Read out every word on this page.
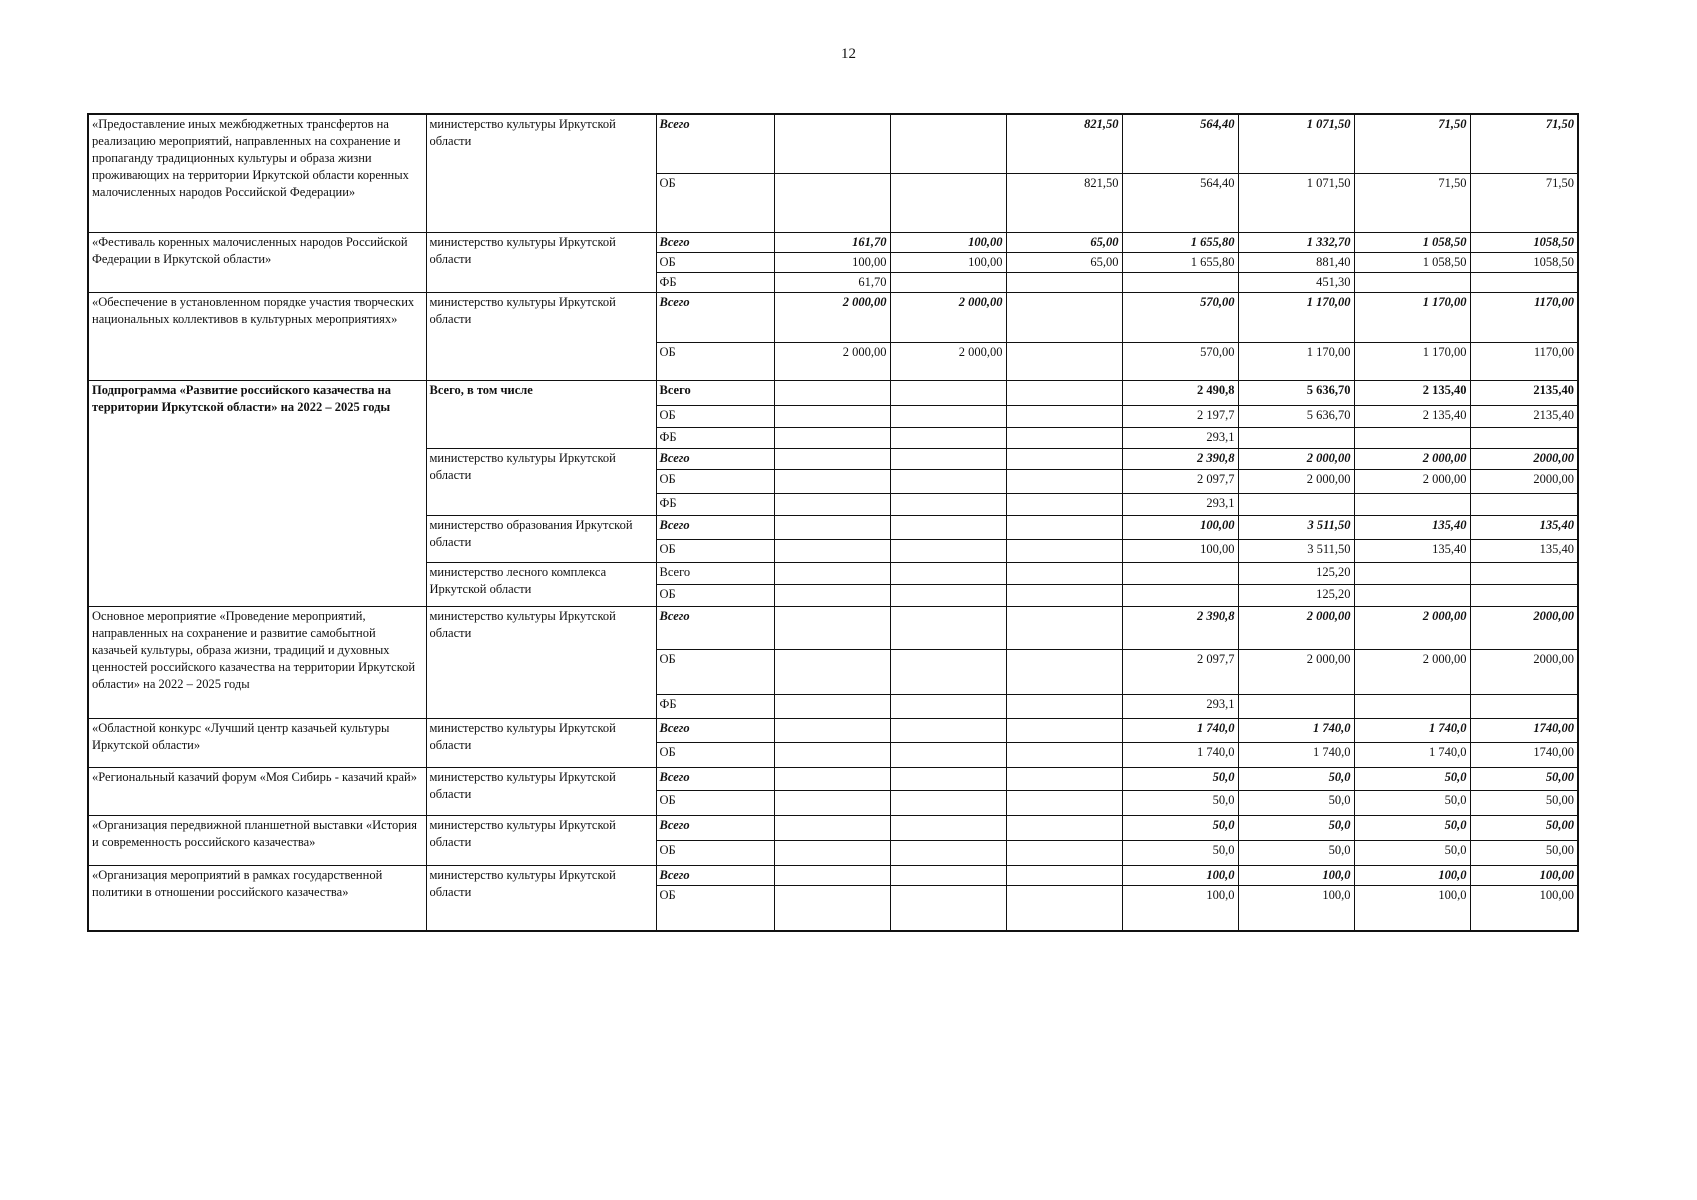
12
«Предоставление иных межбюджетных трансфертов на реализацию мероприятий, направленных на сохранение и пропаганду традиционных культуры и образа жизни проживающих на территории Иркутской области коренных малочисленных народов Российской Федерации»	министерство культуры Иркутской области	Всего			821,50	564,40	1 071,50	71,50	71,50
		ОБ			821,50	564,40	1 071,50	71,50	71,50
«Фестиваль коренных малочисленных народов Российской Федерации в Иркутской области»	министерство культуры Иркутской области	Всего	161,70	100,00	65,00	1 655,80	1 332,70	1 058,50	1058,50
		ОБ	100,00	100,00	65,00	1 655,80	881,40	1 058,50	1058,50
		ФБ	61,70				451,30		
«Обеспечение в установленном порядке участия творческих национальных коллективов в культурных мероприятиях»	министерство культуры Иркутской области	Всего	2 000,00	2 000,00		570,00	1 170,00	1 170,00	1170,00
		ОБ	2 000,00	2 000,00		570,00	1 170,00	1 170,00	1170,00
Подпрограмма «Развитие российского казачества на территории Иркутской области» на 2022 – 2025 годы	Всего, в том числе	Всего				2 490,8	5 636,70	2 135,40	2135,40
		ОБ				2 197,7	5 636,70	2 135,40	2135,40
		ФБ				293,1			
	министерство культуры Иркутской области	Всего				2 390,8	2 000,00	2 000,00	2000,00
		ОБ				2 097,7	2 000,00	2 000,00	2000,00
		ФБ				293,1			
	министерство образования Иркутской области	Всего				100,00	3 511,50	135,40	135,40
		ОБ				100,00	3 511,50	135,40	135,40
	министерство лесного комплекса Иркутской области	Всего					125,20		
		ОБ					125,20		
Основное мероприятие «Проведение мероприятий, направленных на сохранение и развитие самобытной казачьей культуры, образа жизни, традиций и духовных ценностей российского казачества на территории Иркутской области» на 2022 – 2025 годы	министерство культуры Иркутской области	Всего				2 390,8	2 000,00	2 000,00	2000,00
		ОБ				2 097,7	2 000,00	2 000,00	2000,00
		ФБ				293,1			
«Областной конкурс «Лучший центр казачьей культуры Иркутской области»	министерство культуры Иркутской области	Всего				1 740,0	1 740,0	1 740,0	1740,00
		ОБ				1 740,0	1 740,0	1 740,0	1740,00
«Региональный казачий форум «Моя Сибирь - казачий край»	министерство культуры Иркутской области	Всего				50,0	50,0	50,0	50,00
		ОБ				50,0	50,0	50,0	50,00
«Организация передвижной планшетной выставки «История и современность российского казачества»	министерство культуры Иркутской области	Всего				50,0	50,0	50,0	50,00
		ОБ				50,0	50,0	50,0	50,00
«Организация мероприятий в рамках государственной политики в отношении российского казачества»	министерство культуры Иркутской области	Всего				100,0	100,0	100,0	100,00
		ОБ				100,0	100,0	100,0	100,00
